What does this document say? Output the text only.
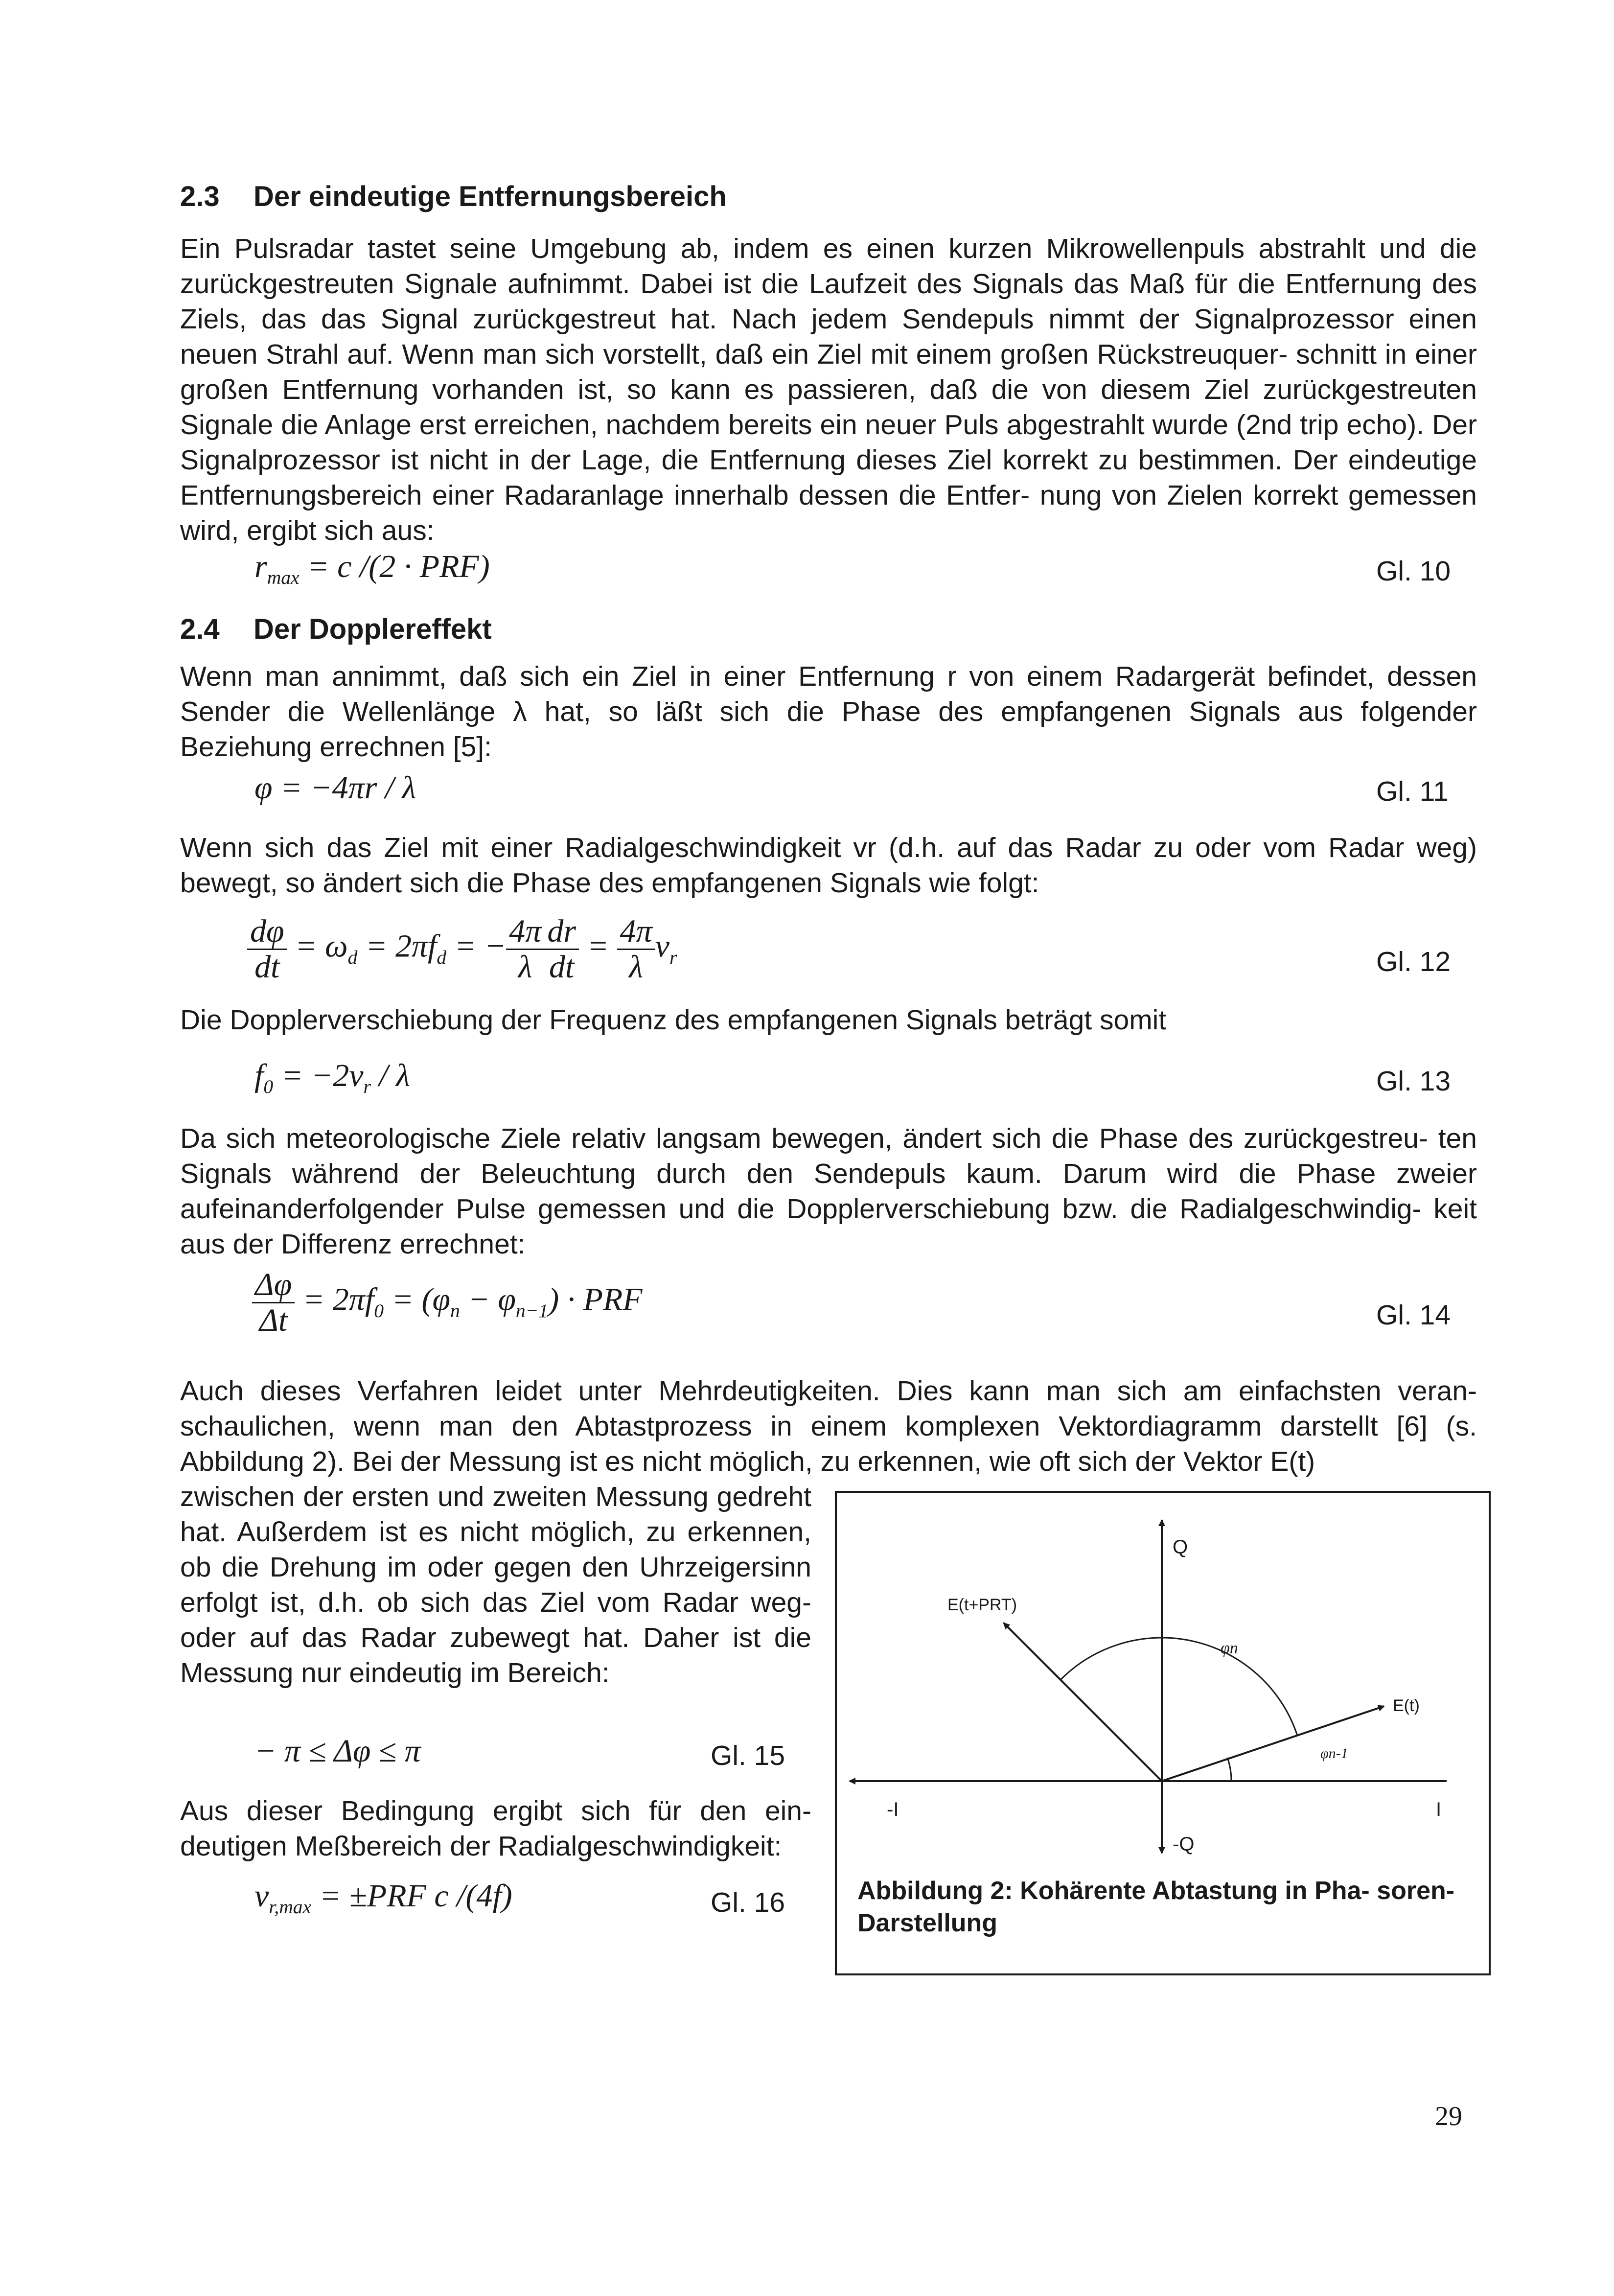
2.3 Der eindeutige Entfernungsbereich
Ein Pulsradar tastet seine Umgebung ab, indem es einen kurzen Mikrowellenpuls abstrahlt und die zurückgestreuten Signale aufnimmt. Dabei ist die Laufzeit des Signals das Maß für die Entfernung des Ziels, das das Signal zurückgestreut hat. Nach jedem Sendepuls nimmt der Signalprozessor einen neuen Strahl auf. Wenn man sich vorstellt, daß ein Ziel mit einem großen Rückstreuquer- schnitt in einer großen Entfernung vorhanden ist, so kann es passieren, daß die von diesem Ziel zurückgestreuten Signale die Anlage erst erreichen, nachdem bereits ein neuer Puls abgestrahlt wurde (2nd trip echo). Der Signalprozessor ist nicht in der Lage, die Entfernung dieses Ziel korrekt zu bestimmen. Der eindeutige Entfernungsbereich einer Radaranlage innerhalb dessen die Entfer- nung von Zielen korrekt gemessen wird, ergibt sich aus:
$r_{max} = c$ /(2 · PRF)	Gl. 10
2.4 Der Dopplereffekt
Wenn man annimmt, daß sich ein Ziel in einer Entfernung r von einem Radargerät befindet, dessen Sender die Wellenlänge λ hat, so läßt sich die Phase des empfangenen Signals aus folgender Beziehung errechnen [5]:
φ = −4πr / λ	Gl. 11
Wenn sich das Ziel mit einer Radialgeschwindigkeit vr (d.h. auf das Radar zu oder vom Radar weg) bewegt, so ändert sich die Phase des empfangenen Signals wie folgt:
$\frac{d\varphi}{dt} = \omega_d = 2\pi f_d$ = − $\frac{4\pi}{\lambda} \frac{dr}{dt} = \frac{4\pi}{\lambda} v_r$	Gl. 12
Die Dopplerverschiebung der Frequenz des empfangenen Signals beträgt somit
$f_0 = -2v_r / \lambda$	Gl. 13
Da sich meteorologische Ziele relativ langsam bewegen, ändert sich die Phase des zurückgestreu- ten Signals während der Beleuchtung durch den Sendepuls kaum. Darum wird die Phase zweier aufeinanderfolgender Pulse gemessen und die Dopplerverschiebung bzw. die Radialgeschwindig- keit aus der Differenz errechnet:
$\frac{\Delta\varphi}{\Delta t} = 2\pi f_0 = (\varphi_n - \varphi_{n-1})$ · PRF	Gl. 14
Auch dieses Verfahren leidet unter Mehrdeutigkeiten. Dies kann man sich am einfachsten veran- schaulichen, wenn man den Abtastprozess in einem komplexen Vektordiagramm darstellt [6] (s. Abbildung 2). Bei der Messung ist es nicht möglich, zu erkennen, wie oft sich der Vektor E(t)
zwischen der ersten und zweiten Messung gedreht hat. Außerdem ist es nicht möglich, zu erkennen, ob die Drehung im oder gegen den Uhrzeigersinn erfolgt ist, d.h. ob sich das Ziel vom Radar weg- oder auf das Radar zubewegt hat. Daher ist die Messung nur eindeutig im Bereich:
− π ≤ Δφ ≤ π	Gl. 15
Aus dieser Bedingung ergibt sich für den ein- deutigen Meßbereich der Radialgeschwindigkeit:
$v_{r,max} = \pm PRF$ c /(4f)	Gl. 16
Q
-Q
I
-I
E(t)
E(t+PRT)
φn
φn-1
Abbildung 2: Kohärente Abtastung in Pha- soren-Darstellung
29
